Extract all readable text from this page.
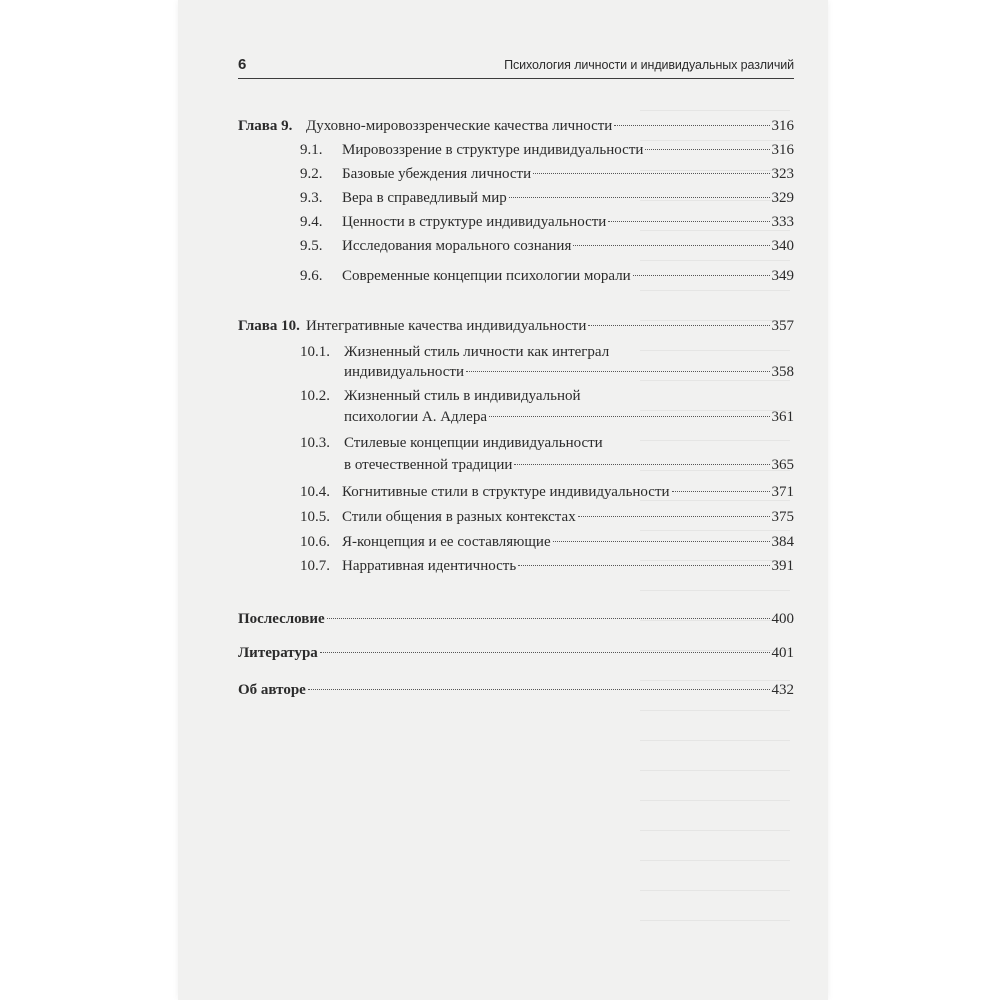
6	Психология личности и индивидуальных различий
Глава 9. Духовно-мировоззренческие качества личности	316
9.1.	Мировоззрение в структуре индивидуальности	316
9.2.	Базовые убеждения личности	323
9.3.	Вера в справедливый мир	329
9.4.	Ценности в структуре индивидуальности	333
9.5.	Исследования морального сознания	340
9.6.	Современные концепции психологии морали	349
Глава 10. Интегративные качества индивидуальности	357
10.1. Жизненный стиль личности как интеграл
индивидуальности	358
10.2. Жизненный стиль в индивидуальной
психологии А. Адлера	361
10.3. Стилевые концепции индивидуальности
в отечественной традиции	365
10.4. Когнитивные стили в структуре индивидуальности	371
10.5. Стили общения в разных контекстах	375
10.6. Я-концепция и ее составляющие	384
10.7. Нарративная идентичность	391
Послесловие	400
Литература	401
Об авторе	432
